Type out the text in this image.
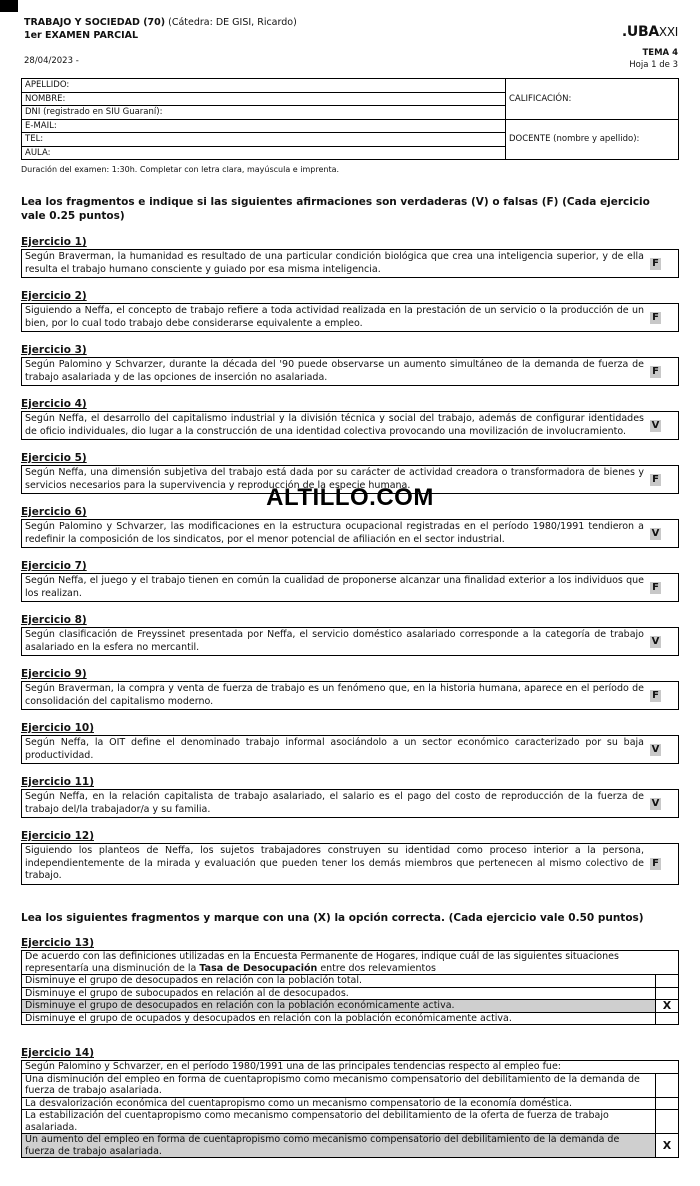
TRABAJO Y SOCIEDAD (70) (Cátedra: DE GISI, Ricardo)
1er EXAMEN PARCIAL	.UBAXXI
28/04/2023 -
TEMA 4
Hoja 1 de 3
APELLIDO:	CALIFICACIÓN:
NOMBRE:	
DNI (registrado en SIU Guaraní):	
E-MAIL:	DOCENTE (nombre y apellido):
TEL:	
AULA:	
Duración del examen: 1:30h. Completar con letra clara, mayúscula e imprenta.
Lea los fragmentos e indique si las siguientes afirmaciones son verdaderas (V) o falsas (F) (Cada ejercicio vale 0.25 puntos)
Ejercicio 1)
Según Braverman, la humanidad es resultado de una particular condición biológica que crea una inteligencia superior, y de ella resulta el trabajo humano consciente y guiado por esa misma inteligencia.
F
Ejercicio 2)
Siguiendo a Neffa, el concepto de trabajo refiere a toda actividad realizada en la prestación de un servicio o la producción de un bien, por lo cual todo trabajo debe considerarse equivalente a empleo.
F
Ejercicio 3)
Según Palomino y Schvarzer, durante la década del '90 puede observarse un aumento simultáneo de la demanda de fuerza de trabajo asalariada y de las opciones de inserción no asalariada.
F
Ejercicio 4)
Según Neffa, el desarrollo del capitalismo industrial y la división técnica y social del trabajo, además de configurar identidades de oficio individuales, dio lugar a la construcción de una identidad colectiva provocando una movilización de involucramiento.
V
Ejercicio 5)
Según Neffa, una dimensión subjetiva del trabajo está dada por su carácter de actividad creadora o transformadora de bienes y servicios necesarios para la supervivencia y reproducción de la especie humana.
F
Ejercicio 6)
Según Palomino y Schvarzer, las modificaciones en la estructura ocupacional registradas en el período 1980/1991 tendieron a redefinir la composición de los sindicatos, por el menor potencial de afiliación en el sector industrial.
V
Ejercicio 7)
Según Neffa, el juego y el trabajo tienen en común la cualidad de proponerse alcanzar una finalidad exterior a los individuos que los realizan.
F
Ejercicio 8)
Según clasificación de Freyssinet presentada por Neffa, el servicio doméstico asalariado corresponde a la categoría de trabajo asalariado en la esfera no mercantil.
V
Ejercicio 9)
Según Braverman, la compra y venta de fuerza de trabajo es un fenómeno que, en la historia humana, aparece en el período de consolidación del capitalismo moderno.
F
Ejercicio 10)
Según Neffa, la OIT define el denominado trabajo informal asociándolo a un sector económico caracterizado por su baja productividad.
V
Ejercicio 11)
Según Neffa, en la relación capitalista de trabajo asalariado, el salario es el pago del costo de reproducción de la fuerza de trabajo del/la trabajador/a y su familia.
V
Ejercicio 12)
Siguiendo los planteos de Neffa, los sujetos trabajadores construyen su identidad como proceso interior a la persona, independientemente de la mirada y evaluación que pueden tener los demás miembros que pertenecen al mismo colectivo de trabajo.
F
ALTILLO.COM
Lea los siguientes fragmentos y marque con una (X) la opción correcta. (Cada ejercicio vale 0.50 puntos)
Ejercicio 13)
De acuerdo con las definiciones utilizadas en la Encuesta Permanente de Hogares, indique cuál de las siguientes situaciones representaría una disminución de la Tasa de Desocupación entre dos relevamientos	
Disminuye el grupo de desocupados en relación con la población total.	
Disminuye el grupo de subocupados en relación al de desocupados.	
Disminuye el grupo de desocupados en relación con la población económicamente activa.	X
Disminuye el grupo de ocupados y desocupados en relación con la población económicamente activa.	
Ejercicio 14)
Según Palomino y Schvarzer, en el período 1980/1991 una de las principales tendencias respecto al empleo fue:	
Una disminución del empleo en forma de cuentapropismo como mecanismo compensatorio del debilitamiento de la demanda de fuerza de trabajo asalariada.	
La desvalorización económica del cuentapropismo como un mecanismo compensatorio de la economía doméstica.	
La estabilización del cuentapropismo como mecanismo compensatorio del debilitamiento de la oferta de fuerza de trabajo asalariada.	
Un aumento del empleo en forma de cuentapropismo como mecanismo compensatorio del debilitamiento de la demanda de fuerza de trabajo asalariada.	X
